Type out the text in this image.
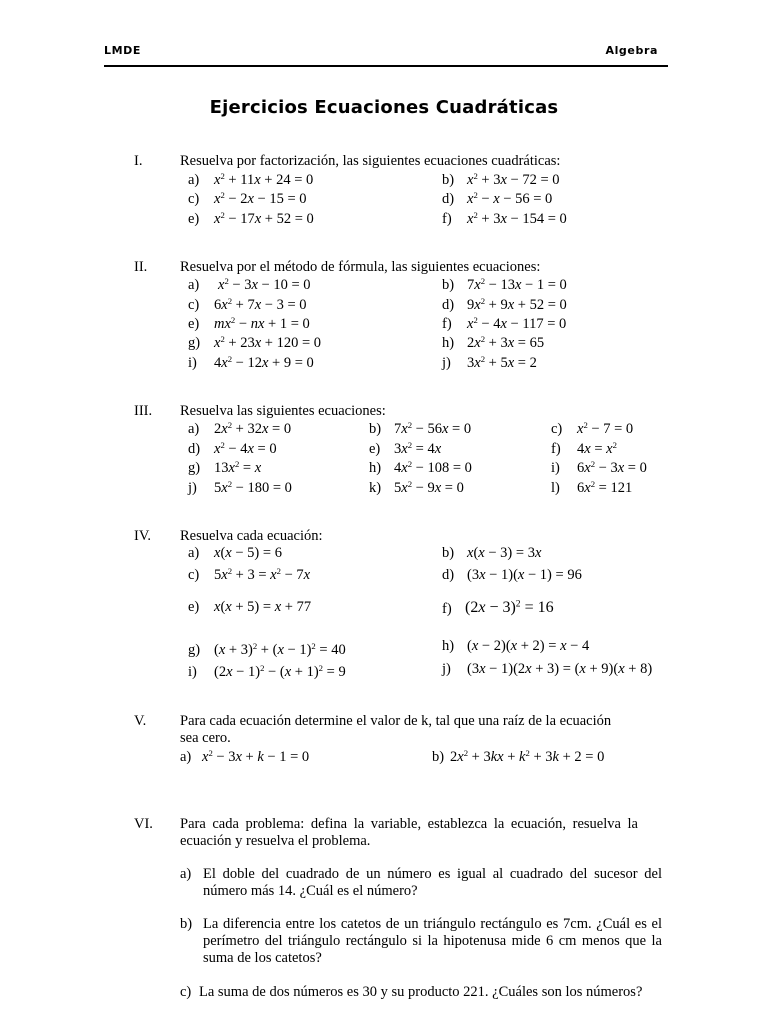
LMDE	Algebra
Ejercicios Ecuaciones Cuadráticas
I.	Resuelva por factorización, las siguientes ecuaciones cuadráticas:
a) $x^2 + 11x + 24 = 0$	b) $x^2 + 3x - 72 = 0$
c) $x^2 - 2x - 15 = 0$	d) $x^2 - x - 56 = 0$
e) $x^2 - 17x + 52 = 0$	f) $x^2 + 3x - 154 = 0$
II. Resuelva por el método de fórmula, las siguientes ecuaciones:
a) $x^2 - 3x - 10 = 0$	b) $7x^2 - 13x - 1 = 0$
c) $6x^2 + 7x - 3 = 0$	d) $9x^2 + 9x + 52 = 0$
e) $mx^2$ − nx + 1 = 0	f) $x^2 - 4x - 117 = 0$
g) $x^2 + 23x + 120 = 0$	h) $2x^2 + 3x = 65$
i) $4x^2 - 12x + 9 = 0$	j) $3x^2 + 5x = 2$
III. Resuelva las siguientes ecuaciones:
a) $2x^2 + 32x = 0$	b) $7x^2 - 56x = 0$	c) $x^2 - 7 = 0$
d) $x^2 - 4x = 0$	e) $3x^2 = 4x$	f) $4x = x^2$
g) $13x^2 = x$	h) $4x^2 - 108 = 0$	i) $6x^2 - 3x = 0$
j) $5x^2 - 180 = 0$	k) $5x^2 - 9x = 0$	l) $6x^2 = 121$
IV. Resuelva cada ecuación:
a) x(x − 5) = 6	b) x(x − 3) = 3x
c) $5x^2 + 3 = x^2 - 7x$	d) (3x − 1)(x − 1) = 96
e) x(x + 5) = x + 77	f) $(2x - 3)^2 = 16$
g) $(x + 3)^2 + (x - 1)^2 = 40$	h) (x − 2)(x + 2) = x − 4
i) $(2x - 1)^2 - (x + 1)^2 = 9$	j) (3x − 1)(2x + 3) = (x + 9)(x + 8)
V. Para cada ecuación determine el valor de k, tal que una raíz de la ecuación
sea cero.
a) $x^2 - 3x + k - 1 = 0$	b) $2x^2 + 3kx + k^2 + 3k + 2 = 0$
VI. Para cada problema: defina la variable, establezca la ecuación, resuelva la ecuación y resuelva el problema.
a) El doble del cuadrado de un número es igual al cuadrado del sucesor del número más 14. ¿Cuál es el número?
b) La diferencia entre los catetos de un triángulo rectángulo es 7cm. ¿Cuál es el perímetro del triángulo rectángulo si la hipotenusa mide 6 cm menos que la suma de los catetos?
c) La suma de dos números es 30 y su producto 221. ¿Cuáles son los números?
